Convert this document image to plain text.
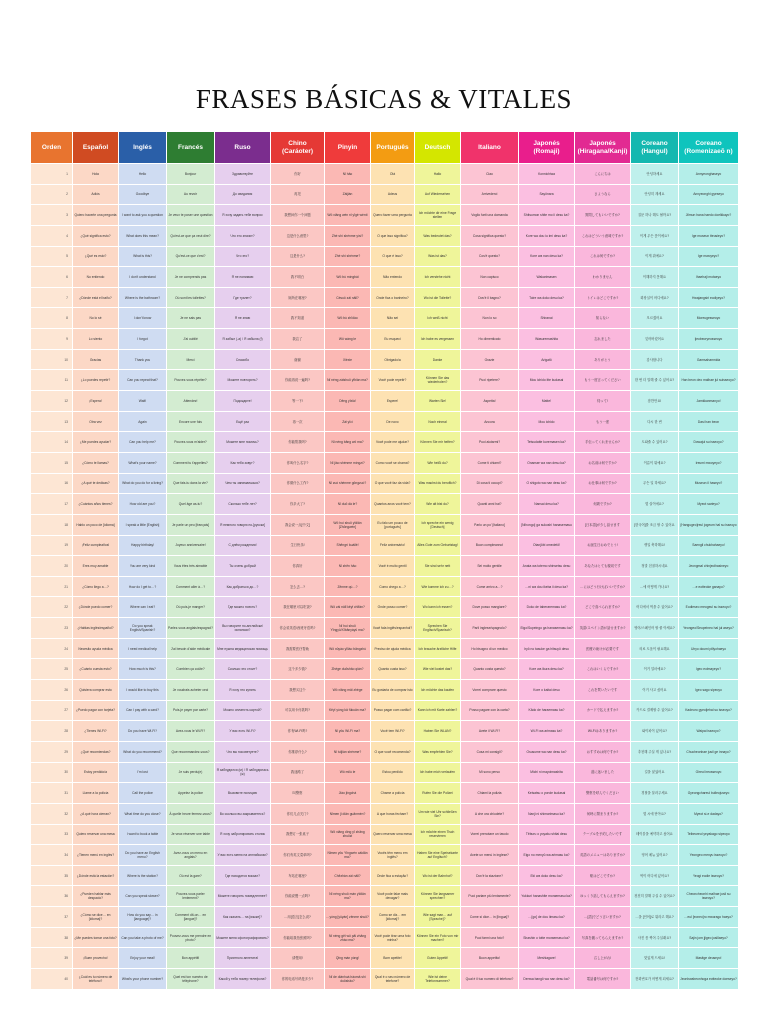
FRASES BÁSICAS & VITALES
Orden	Español	Inglés	Francés	Ruso	Chino (Caráoter)	Pinyin	Português	Deutsch	Italiano	Japonés (Romaji)	Japonés (Hiragana/Kanji)	Coreano (Hangul)	Coreano (Romenizaeõ n)
1	Hola	Hello	Bonjour	Здравствуйте	你好	Nǐ hǎo	Olá	Hallo	Ciao	Konnichiwa	こんにちは	안녕하세요	Annyeonghaseyo
2	Adiós	Goodbye	Au revoir	До свидания	再见	Zàijiàn	Adeus	Auf Wiedersehen	Arrivederci	Sayōnara	さようなら	안녕히 계세요	Annyeonghi gyeseyo
3	Quiero hacerle una pregunta	I want to ask you a question	Je veux te poser une question	Я хочу задать тебе вопрос	我想问你一个问题	Wǒ xiǎng wèn nǐ yīgè wèntí	Quero fazer uma pergunta	Ich möchte dir eine Frage stellen	Voglio farti una domanda	Shitsumon shite mo ii desu ka?	質問してもいいですか?	질문 하나 해도 될까요?	Jilmun hana haedo doelkkayo?
4	¿Qué significa esto?	What does this mean?	Qu'est-ce que ça veut dire?	Что это значит?	这是什么意思?	Zhè shì shénme yìsi?	O que isso significa?	Was bedeutet das?	Cosa significa questo?	Kore wa dou iu imi desu ka?	これはどういう意味ですか?	이게 무슨 뜻이에요?	Ige museun tteusieyo?
5	¿Qué es esto?	What is this?	Qu'est-ce que c'est?	Что это?	这是什么?	Zhè shì shénme?	O que é isso?	Was ist das?	Cos'è questo?	Kore wa nan desu ka?	これは何ですか?	이게 뭐예요?	Ige mwoyeyo?
6	No entiendo	I don't understand	Je ne comprends pas	Я не понимаю	我不明白	Wǒ bù míngbái	Não entendo	Ich verstehe nicht	Non capisco	Wakarimasen	わかりません	이해하지 못해요	Ihaehaji motaeyo
7	¿Dónde está el baño?	Where is the bathroom?	Où sont les toilettes?	Где туалет?	厕所在哪里?	Cèsuǒ zài nǎlǐ?	Onde fica o banheiro?	Wo ist die Toilette?	Dov'è il bagno?	Toire wa doko desu ka?	トイレはどこですか?	화장실이 어디예요?	Hwajangsiri eodiyeyo?
8	No lo sé	I don't know	Je ne sais pas	Я не знаю	我不知道	Wǒ bù zhīdào	Não sei	Ich weiß nicht	Non lo so	Shiranai	知らない	모르겠어요	Moreugesseoyo
9	Lo siento	I forgot	J'ai oublié	Я забыл (-а) / Я забыла (f)	我忘了	Wǒ wàng le	Eu esqueci	Ich habe es vergessen	Ho dimenticato	Wasuremashita	忘れました	잊어버렸어요	ijeobeoryeosseoyo
10	Gracias	Thank you	Merci	Спасибо	谢谢	Xièxie	Obrigado/a	Danke	Grazie	Arigatō	ありがとう	감사합니다	Gamsahamnida
11	¿Lo puedes repetir?	Can you repeat that?	Pouvez-vous répéter?	Можете повторить?	你能再说一遍吗?	Nǐ néng zàishuō yībiàn ma?	Você pode repetir?	Können Sie das wiederholen?	Puoi ripetere?	Mou ichido itte kudasai	もう一度言ってください	한 번 더 말해 줄 수 있어요?	Han beon deo malhae jul suisseoyo?
12	¡Espera!	Wait!	Attendez!	Подождите!	等一下!	Děng yīxià!	Espere!	Warten Sie!	Aspetta!	Matte!	待って!	잠깐만요!	Jamkkanmanyo!
13	Otra vez	Again	Encore une fois	Ещё раз	再一次	Zài yīcì	De novo	Noch einmal	Ancora	Mou ichido	もう一度	다시 한 번	Dasi han beon
14	¿Me puedes ayudar?	Can you help me?	Pouvez-vous m'aider?	Можете мне помочь?	你能帮我吗?	Nǐ néng bāng wǒ ma?	Você pode me ajudar?	Können Sie mir helfen?	Puoi aiutarmi?	Tetsudatte kuremasen ka?	手伝ってくれませんか?	도와줄 수 있어요?	Dowajul su isseoyo?
15	¿Cómo te llamas?	What's your name?	Comment tu t'appelles?	Как тебя зовут?	你叫什么名字?	Nǐ jiào shénme míngzì?	Como você se chama?	Wie heißt du?	Come ti chiami?	Onamae wa nan desu ka?	お名前は何ですか?	이름이 뭐예요?	Ireumi mwoyeyo?
16	¿A qué te dedicas?	What do you do for a living?	Que fais-tu dans la vie?	Чем ты занимаешься?	你做什么工作?	Nǐ zuò shénme gōngzuò?	O que você faz da vida?	Was machst du beruflich?	Di cosa ti occupi?	O shigoto wa nan desu ka?	お仕事は何ですか?	무슨 일 하세요?	Museun il haseyo?
17	¿Cuántos años tienes?	How old are you?	Quel âge as-tu?	Сколько тебе лет?	你多大了?	Nǐ duō dà le?	Quantos anos você tem?	Wie alt bist du?	Quanti anni hai?	Nansai desu ka?	何歳ですか?	몇 살이에요?	Myeot sarieyo?
18	Hablo un poco de [idioma]	I speak a little [English]	Je parle un peu [français]	Я немного говорю по-[русски]	我会说一点[中文]	Wǒ huì shuō yīdiǎn [Zhōngwén]	Eu falo um pouco de [português]	Ich spreche ein wenig [Deutsch]	Parlo un po' [italiano]	[Nihongo] ga sukoshi hanasemasu	[日本語]が少し話せます	[한국어]를 조금 할 수 있어요	[Hangugeo]reul jogeum hal su isseoyo
19	¡Feliz cumpleaños!	Happy birthday!	Joyeux anniversaire!	С днём рождения!	生日快乐!	Shēngrì kuàilè!	Feliz aniversário!	Alles Gute zum Geburtstag!	Buon compleanno!	Otanjōbi omedetō!	お誕生日おめでとう!	생일 축하해요!	Saengil chukhahaeyo!
20	Eres muy amable	You are very kind	Vous êtes très aimable	Ты очень добрый	你真好	Nǐ zhēn hǎo	Você é muito gentil	Sie sind sehr nett	Sei molto gentile	Anata wa totemo shinsetsu desu	あなたはとても親切です	정말 친절하시네요	Jeongmal chinjeolhasineyo
21	¿Cómo llego a…?	How do I get to…?	Comment aller à…?	Как добраться до…?	怎么去…?	Zěnme qù…?	Como chego a…?	Wie komme ich zu…?	Come arrivo a…?	…ni wa dou ikeba ii desu ka?	…にはどう行けばいいですか?	…에 어떻게 가나요?	…e eotteoke ganayo?
22	¿Dónde puedo comer?	Where can I eat?	Où puis-je manger?	Где можно поесть?	我在哪里可以吃饭?	Wǒ zài nǎlǐ kěyǐ chīfàn?	Onde posso comer?	Wo kann ich essen?	Dove posso mangiare?	Doko de taberaremasu ka?	どこで食べられますか?	어디에서 먹을 수 있어요?	Eodieseo meogeul su isseoyo?
23	¿Hablas inglés/español?	Do you speak English/Spanish?	Parlez-vous anglais/espagnol?	Вы говорите по-английски/испански?	你会说英语/西班牙语吗?	Nǐ huì shuō Yīngyǔ/Xībānyáyǔ ma?	Você fala inglês/espanhol?	Sprechen Sie Englisch/Spanisch?	Parli inglese/spagnolo?	Eigo/Supeingo ga hanasemasu ka?	英語/スペイン語が話せますか?	영어/스페인어 할 줄 아세요?	Yeongeo/Seupeineo hal jul aseyo?
24	Necesito ayuda médica	I need medical help	J'ai besoin d'aide médicale	Мне нужна медицинская помощь	我需要医疗帮助	Wǒ xūyào yīliáo bāngzhù	Preciso de ajuda médica	Ich brauche ärztliche Hilfe	Ho bisogno di un medico	Iryō no tasuke ga hitsuyō desu	医療の助けが必要です	의료 도움이 필요해요	Uiryo doumi pillyohaeyo
25	¿Cuánto cuesta esto?	How much is this?	Combien ça coûte?	Сколько это стоит?	这个多少钱?	Zhège duōshǎo qián?	Quanto custa isso?	Wie viel kostet das?	Quanto costa questo?	Kore wa ikura desu ka?	これはいくらですか?	이거 얼마예요?	Igeo eolmayeyo?
26	Quisiera comprar esto	I would like to buy this	Je voudrais acheter ceci	Я хочу это купить	我想买这个	Wǒ xiǎng mǎi zhège	Eu gostaria de comprar isto	Ich möchte das kaufen	Vorrei comprare questo	Kore o kaitai desu	これを買いたいです	이거 사고 싶어요	Igeo sago sipeoyo
27	¿Puedo pagar con tarjeta?	Can I pay with a card?	Puis-je payer par carte?	Можно оплатить картой?	可以用卡付款吗?	Kěyǐ yòng kǎ fùkuǎn ma?	Posso pagar com cartão?	Kann ich mit Karte zahlen?	Posso pagare con la carta?	Kādo de haraemasu ka?	カードで払えますか?	카드로 결제할 수 있어요?	Kadeuro gyeoljehal su isseoyo?
28	¿Tienes Wi-Fi?	Do you have Wi-Fi?	Avez-vous le Wi-Fi?	У вас есть Wi-Fi?	你有Wi-Fi吗?	Nǐ yǒu Wi-Fi ma?	Você tem Wi-Fi?	Haben Sie WLAN?	Avete il Wi-Fi?	Wi-Fi wa arimasu ka?	Wi-Fiはありますか?	와이파이 있어요?	Waipai isseoyo?
29	¿Qué recomiendas?	What do you recommend?	Que recommandez-vous?	Что вы посоветуете?	你推荐什么?	Nǐ tuījiàn shénme?	O que você recomenda?	Was empfehlen Sie?	Cosa mi consigli?	Osusume wa nan desu ka?	おすすめは何ですか?	추천해 주실 게 있나요?	Chucheonhae jusil ge innayo?
30	Estoy perdido/a	I'm lost	Je suis perdu(e)	Я заблудился (м) / Я заблудилась (ж)	我迷路了	Wǒ mílù le	Estou perdido	Ich habe mich verlaufen	Mi sono perso	Michi ni mayoimashita	道に迷いました	길을 잃었어요	Gireul ireosseoyo
31	Llame a la policía	Call the police	Appelez la police	Вызовите полицию	叫警察	Jiào jǐngchá	Chame a polícia	Rufen Sie die Polizei	Chiami la polizia	Keisatsu o yonde kudasai	警察を呼んでください	경찰을 불러주세요	Gyeongchareul bulleojuseyo
32	¿A qué hora cierran?	What time do you close?	À quelle heure fermez-vous?	Во сколько вы закрываетесь?	你们几点关门?	Nǐmen jǐ diǎn guānmén?	A que horas fecham?	Um wie viel Uhr schließen Sie?	A che ora chiudete?	Nanji ni shimarimasu ka?	何時に閉まりますか?	몇 시에 닫아요?	Myeot si-e dadayo?
33	Quiero reservar una mesa	I want to book a table	Je veux réserver une table	Я хочу забронировать столик	我想订一张桌子	Wǒ xiǎng dìng yī zhāng zhuōzi	Quero reservar uma mesa	Ich möchte einen Tisch reservieren	Vorrei prenotare un tavolo	Tēburu o yoyaku shitai desu	テーブルを予約したいです	테이블을 예약하고 싶어요	Teibeureul yeyakago sipeoyo
34	¿Tienen menú en inglés?	Do you have an English menu?	Avez-vous un menu en anglais?	У вас есть меню на английском?	你们有英文菜单吗?	Nǐmen yǒu Yīngwén càidān ma?	Vocês têm menu em inglês?	Haben Sie eine Speisekarte auf Englisch?	Avete un menù in inglese?	Eigo no menyū wa arimasu ka?	英語のメニューはありますか?	영어 메뉴 있어요?	Yeongeo menyu isseoyo?
35	¿Dónde está la estación?	Where is the station?	Où est la gare?	Где находится вокзал?	车站在哪里?	Chēzhàn zài nǎlǐ?	Onde fica a estação?	Wo ist der Bahnhof?	Dov'è la stazione?	Eki wa doko desu ka?	駅はどこですか?	역이 어디에 있어요?	Yeogi eodie isseoyo?
36	¿Pueden hablar más despacio?	Can you speak slower?	Pouvez-vous parler lentement?	Можете говорить помедленнее?	你能说慢一点吗?	Nǐ néng shuō màn yīdiǎn ma?	Você pode falar mais devagar?	Können Sie langsamer sprechen?	Puoi parlare più lentamente?	Yukkuri hanashite moraemasu ka?	ゆっくり話してもらえますか?	천천히 말해 주실 수 있어요?	Cheoncheonhi malhae jusil su isseoyo?
37	¿Cómo se dice… en [idioma]?	How do you say… in [language]?	Comment dit-on… en [langue]?	Как сказать… на [языке]?	…用[语言]怎么说?	…yòng [yǔyán] zěnme shuō?	Como se diz… em [idioma]?	Wie sagt man… auf [Sprache]?	Come si dice… in [lingua]?	…[go] de dou iimasu ka?	…[語]でどう言いますか?	…을 [언어]로 뭐라고 해요?	…eul [eoneo]ro mworago haeyo?
38	¿Me puedes tomar una foto?	Can you take a photo of me?	Pouvez-vous me prendre en photo?	Можете меня сфотографировать?	你能给我拍张照吗?	Nǐ néng gěi wǒ pāi zhāng zhào ma?	Você pode tirar uma foto minha?	Können Sie ein Foto von mir machen?	Puoi farmi una foto?	Shashin o totte moraemasu ka?	写真を撮ってもらえますか?	사진 좀 찍어 주실래요?	Sajin jom jjigeo jusillaeyo?
39	¡Buen provecho!	Enjoy your meal!	Bon appétit!	Приятного аппетита!	请慢用!	Qǐng màn yòng!	Bom apetite!	Guten Appetit!	Buon appetito!	Meshiagare!	召し上がれ!	맛있게 드세요!	Masitge deuseyo!
40	¿Cuál es tu número de teléfono?	What's your phone number?	Quel est ton numéro de téléphone?	Какой у тебя номер телефона?	你的电话号码是多少?	Nǐ de diànhuà hàomǎ shì duōshǎo?	Qual é o seu número de telefone?	Wie ist deine Telefonnummer?	Qual è il tuo numero di telefono?	Denwa bangō wa nan desu ka?	電話番号は何ですか?	전화번호가 어떻게 되세요?	Jeonhwabeonhoga eotteoke doeseyo?
